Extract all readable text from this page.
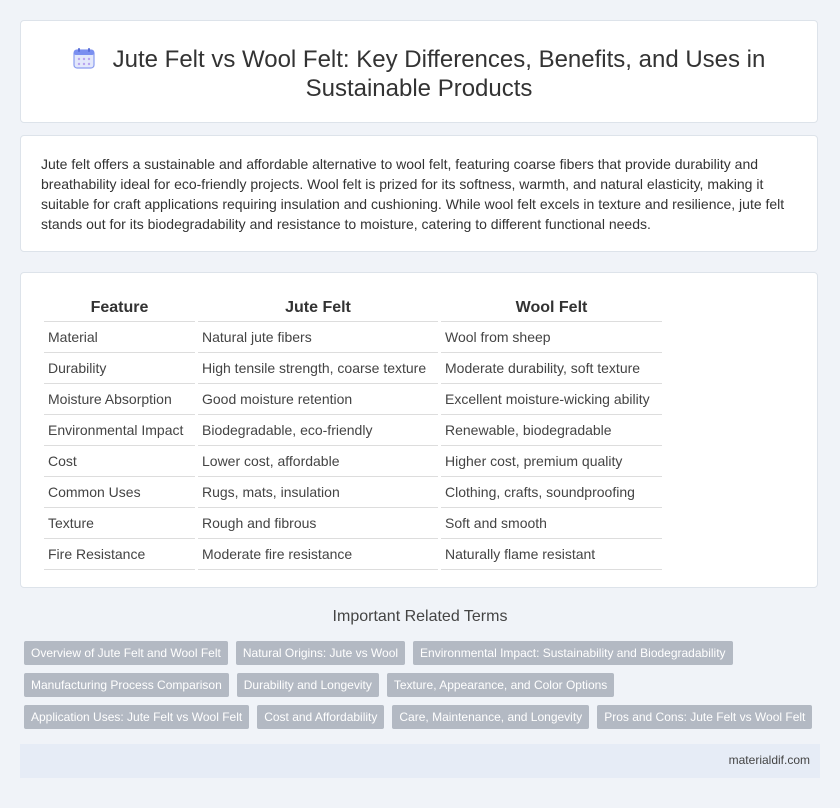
Jute Felt vs Wool Felt: Key Differences, Benefits, and Uses in
Sustainable Products

Jute felt offers a sustainable and affordable alternative to wool felt, featuring coarse fibers that provide durability and breathability ideal for eco-friendly projects. Wool felt is prized for its softness, warmth, and natural elasticity, making it suitable for craft applications requiring insulation and cushioning. While wool felt excels in texture and resilience, jute felt stands out for its biodegradability and resistance to moisture, catering to different functional needs.

Feature	Jute Felt	Wool Felt
Material	Natural jute fibers	Wool from sheep
Durability	High tensile strength, coarse texture	Moderate durability, soft texture
Moisture Absorption	Good moisture retention	Excellent moisture-wicking ability
Environmental Impact	Biodegradable, eco-friendly	Renewable, biodegradable
Cost	Lower cost, affordable	Higher cost, premium quality
Common Uses	Rugs, mats, insulation	Clothing, crafts, soundproofing
Texture	Rough and fibrous	Soft and smooth
Fire Resistance	Moderate fire resistance	Naturally flame resistant
Important Related Terms
Overview of Jute Felt and Wool Felt	Natural Origins: Jute vs Wool	Environmental Impact: Sustainability and Biodegradability
Manufacturing Process Comparison	Durability and Longevity	Texture, Appearance, and Color Options
Application Uses: Jute Felt vs Wool Felt	Cost and Affordability	Care, Maintenance, and Longevity	Pros and Cons: Jute Felt vs Wool Felt
materialdif.com
